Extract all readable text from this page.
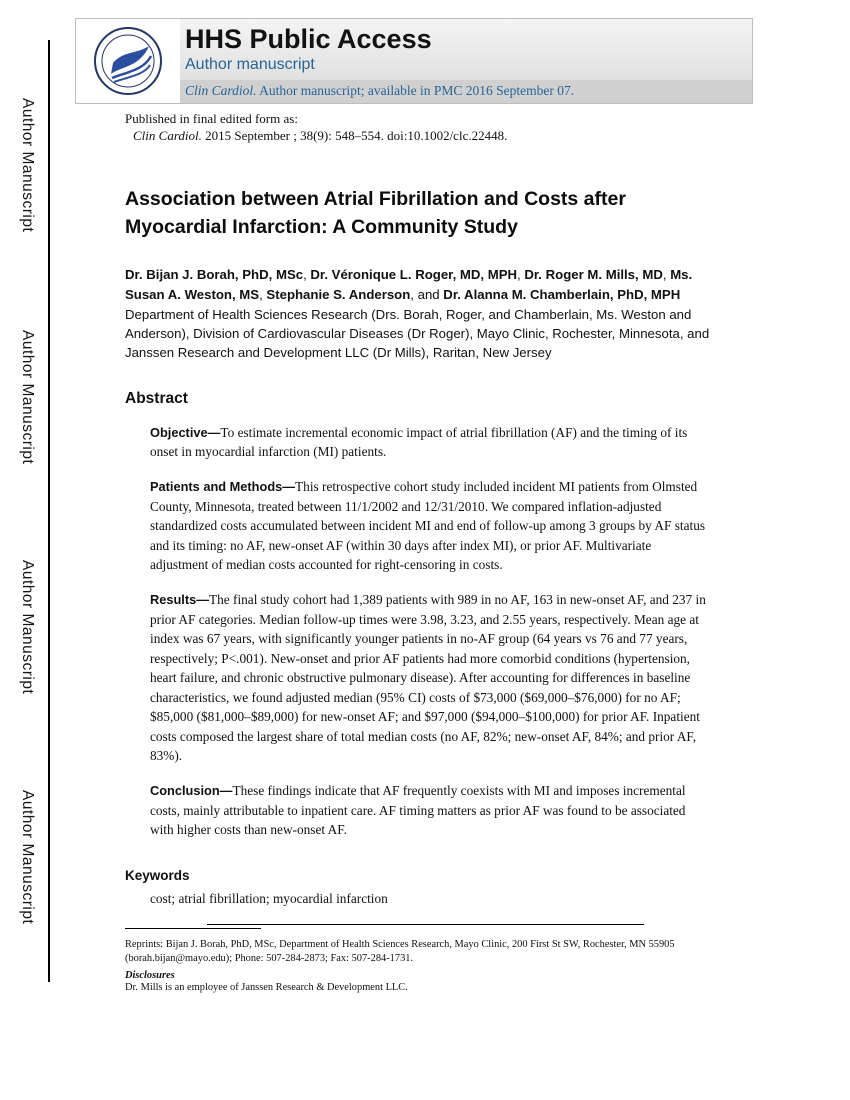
Author Manuscript
Author Manuscript
Author Manuscript
Author Manuscript
HHS Public Access
Author manuscript
Clin Cardiol. Author manuscript; available in PMC 2016 September 07.
Published in final edited form as:
Clin Cardiol. 2015 September ; 38(9): 548–554. doi:10.1002/clc.22448.
Association between Atrial Fibrillation and Costs after
Myocardial Infarction: A Community Study

Dr. Bijan J. Borah, PhD, MSc, Dr. Véronique L. Roger, MD, MPH, Dr. Roger M. Mills, MD, Ms. Susan A. Weston, MS, Stephanie S. Anderson, and Dr. Alanna M. Chamberlain, PhD, MPH

Department of Health Sciences Research (Drs. Borah, Roger, and Chamberlain, Ms. Weston and Anderson), Division of Cardiovascular Diseases (Dr Roger), Mayo Clinic, Rochester, Minnesota, and Janssen Research and Development LLC (Dr Mills), Raritan, New Jersey

Abstract

Objective—To estimate incremental economic impact of atrial fibrillation (AF) and the timing of its onset in myocardial infarction (MI) patients.

Patients and Methods—This retrospective cohort study included incident MI patients from Olmsted County, Minnesota, treated between 11/1/2002 and 12/31/2010. We compared inflation-adjusted standardized costs accumulated between incident MI and end of follow-up among 3 groups by AF status and its timing: no AF, new-onset AF (within 30 days after index MI), or prior AF. Multivariate adjustment of median costs accounted for right-censoring in costs.

Results—The final study cohort had 1,389 patients with 989 in no AF, 163 in new-onset AF, and 237 in prior AF categories. Median follow-up times were 3.98, 3.23, and 2.55 years, respectively. Mean age at index was 67 years, with significantly younger patients in no-AF group (64 years vs 76 and 77 years, respectively; P<.001). New-onset and prior AF patients had more comorbid conditions (hypertension, heart failure, and chronic obstructive pulmonary disease). After accounting for differences in baseline characteristics, we found adjusted median (95% CI) costs of $73,000 ($69,000–$76,000) for no AF; $85,000 ($81,000–$89,000) for new-onset AF; and $97,000 ($94,000–$100,000) for prior AF. Inpatient costs composed the largest share of total median costs (no AF, 82%; new-onset AF, 84%; and prior AF, 83%).

Conclusion—These findings indicate that AF frequently coexists with MI and imposes incremental costs, mainly attributable to inpatient care. AF timing matters as prior AF was found to be associated with higher costs than new-onset AF.

Keywords

cost; atrial fibrillation; myocardial infarction

Reprints: Bijan J. Borah, PhD, MSc, Department of Health Sciences Research, Mayo Clinic, 200 First St SW, Rochester, MN 55905 (borah.bijan@mayo.edu); Phone: 507-284-2873; Fax: 507-284-1731.
Disclosures
Dr. Mills is an employee of Janssen Research & Development LLC.
